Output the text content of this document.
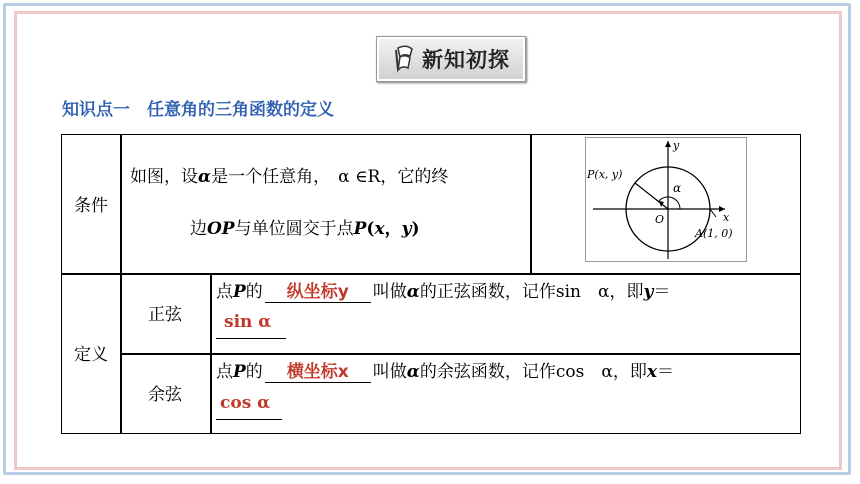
新知初探
知识点一　任意角的三角函数的定义
条件
定义
正弦
余弦
如图，设α是一个任意角， α ∈R，它的终
边OP与单位圆交于点P(x，y)
P(x, y)
α
O	x
y
A(1, 0)
点P的 纵坐标y 叫做α的正弦函数，记作sin　α，即y＝
sin α
点P的 横坐标x 叫做α的余弦函数，记作cos　α，即x＝
cos α
